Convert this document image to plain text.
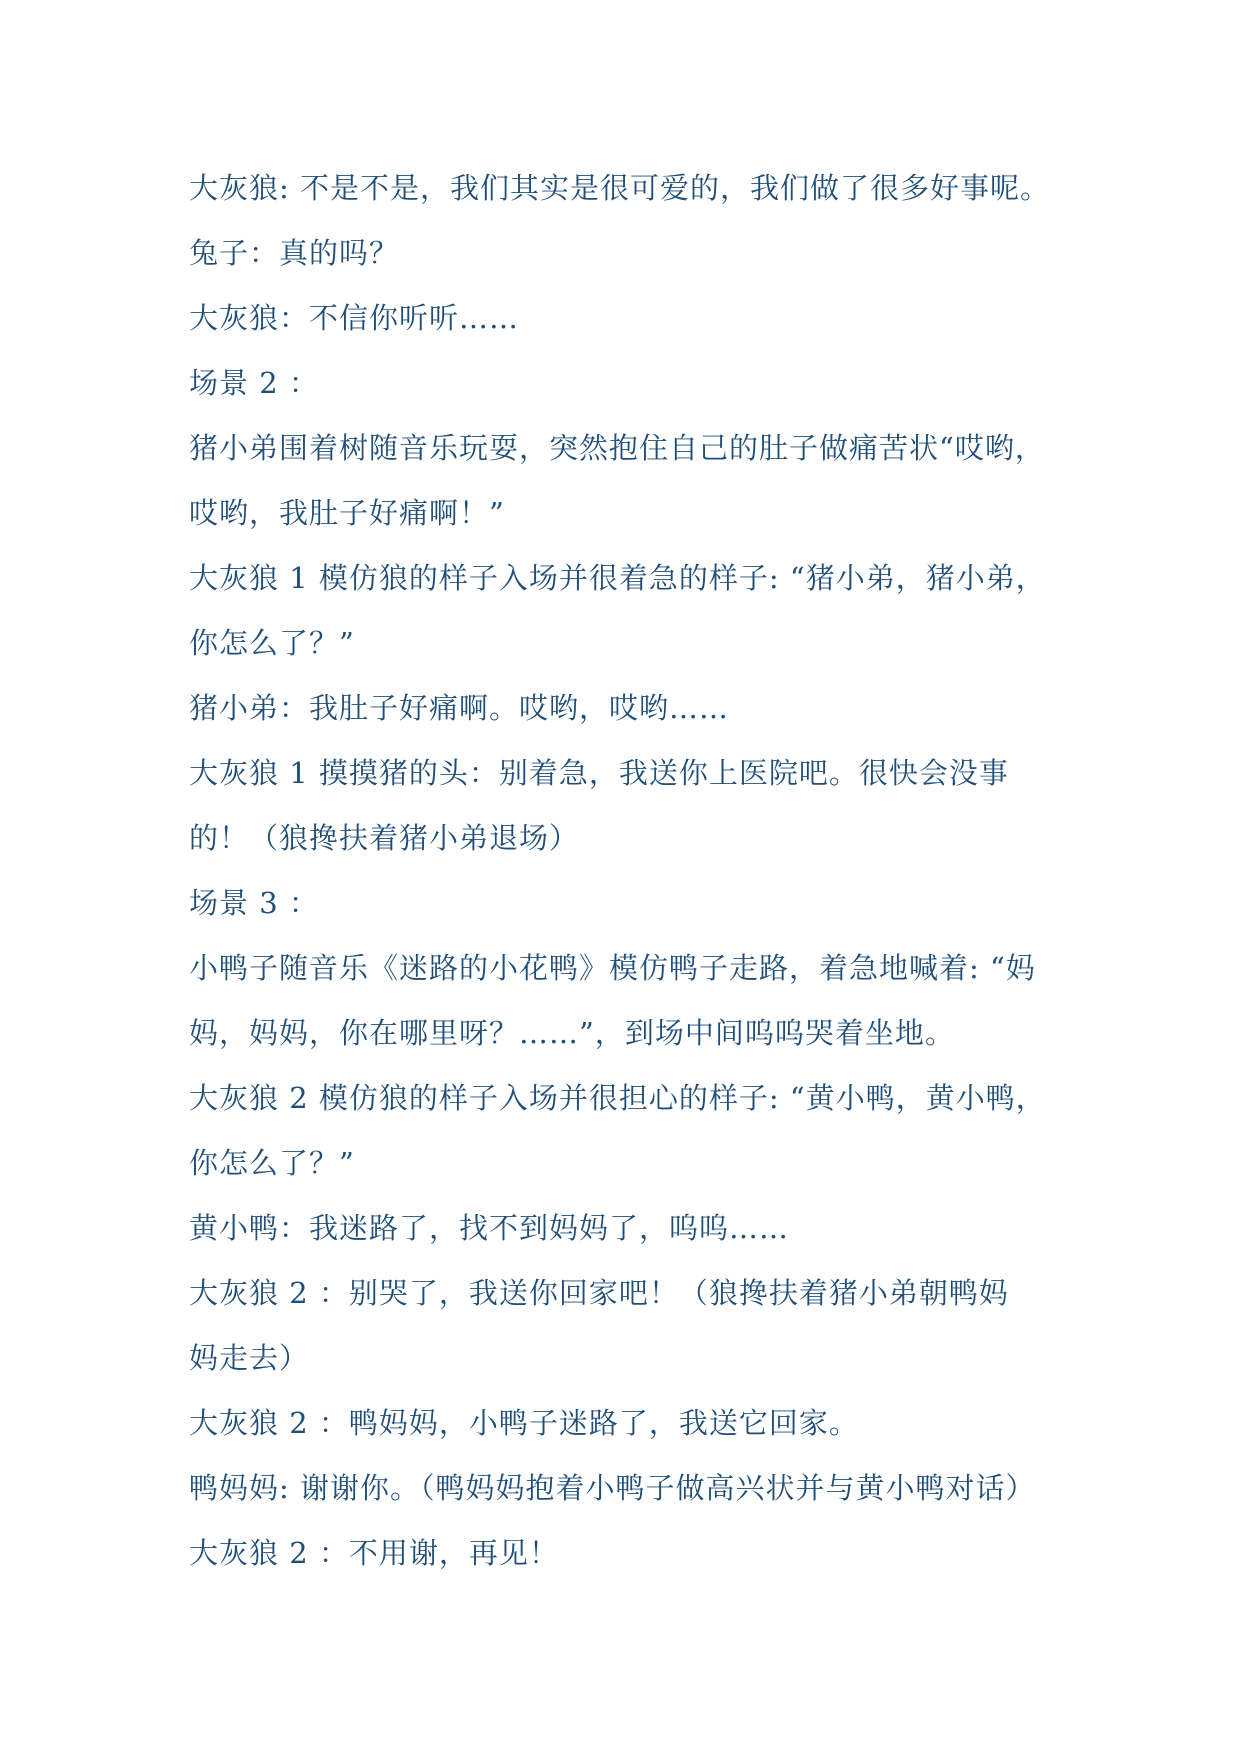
大灰狼: 不是不是，我们其实是很可爱的，我们做了很多好事呢。

兔子：真的吗？

大灰狼：不信你听听……

场景 2 ：

猪小弟围着树随音乐玩耍，突然抱住自己的肚子做痛苦状“哎哟，

哎哟，我肚子好痛啊！”

大灰狼 1 模仿狼的样子入场并很着急的样子: “猪小弟，猪小弟，

你怎么了？”

猪小弟：我肚子好痛啊。哎哟，哎哟……

大灰狼 1 摸摸猪的头：别着急，我送你上医院吧。很快会没事

的！（狼搀扶着猪小弟退场）

场景 3 ：

小鸭子随音乐《迷路的小花鸭》模仿鸭子走路，着急地喊着: “妈

妈，妈妈，你在哪里呀？……”，到场中间呜呜哭着坐地。

大灰狼 2 模仿狼的样子入场并很担心的样子: “黄小鸭，黄小鸭，

你怎么了？”

黄小鸭：我迷路了，找不到妈妈了，呜呜……

大灰狼 2 ：别哭了，我送你回家吧！（狼搀扶着猪小弟朝鸭妈

妈走去）

大灰狼 2 ：鸭妈妈，小鸭子迷路了，我送它回家。

鸭妈妈: 谢谢你。（鸭妈妈抱着小鸭子做高兴状并与黄小鸭对话）

大灰狼 2 ：不用谢，再见！
